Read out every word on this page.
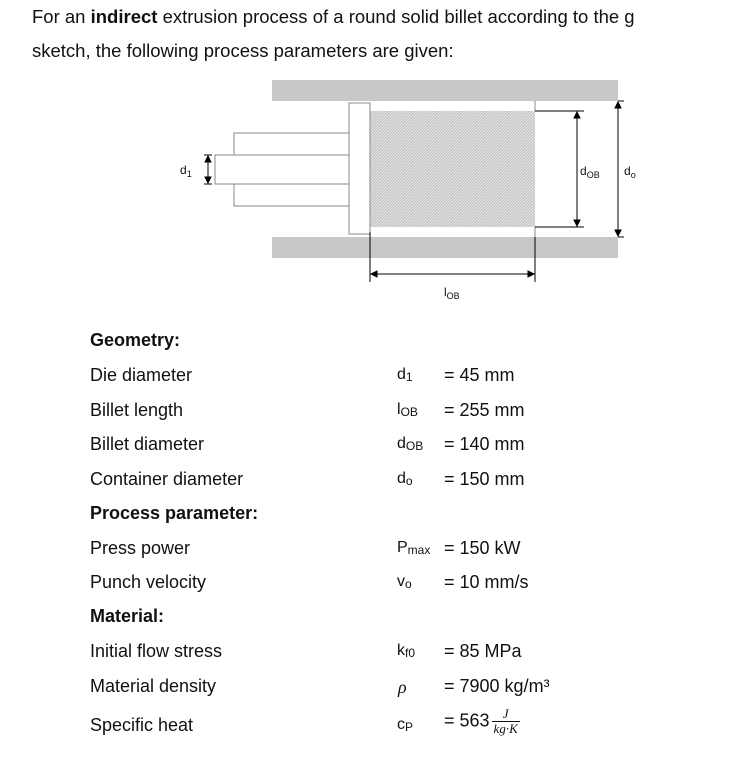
For an indirect extrusion process of a round solid billet according to the g
sketch, the following process parameters are given:
$d_1$
$l_{OB}$
$d_{OB}$ $d_o$
Geometry:
Die diameter	$d_1 = 45$ mm
Billet length	$l_{OB} = 255$ mm
Billet diameter	$d_{OB} = 140$ mm
Container diameter	$d_o = 150$ mm
Process parameter:
Press power	$P_{max} = 150$ kW
Punch velocity	$v_o = 10$ mm/s
Material:
Initial flow stress	$k_{f0} = 85$ MPa
Material density	ρ = 7900 kg/m³
Specific heat	$c_P = 563 \frac{J}{kg\cdot K}$
